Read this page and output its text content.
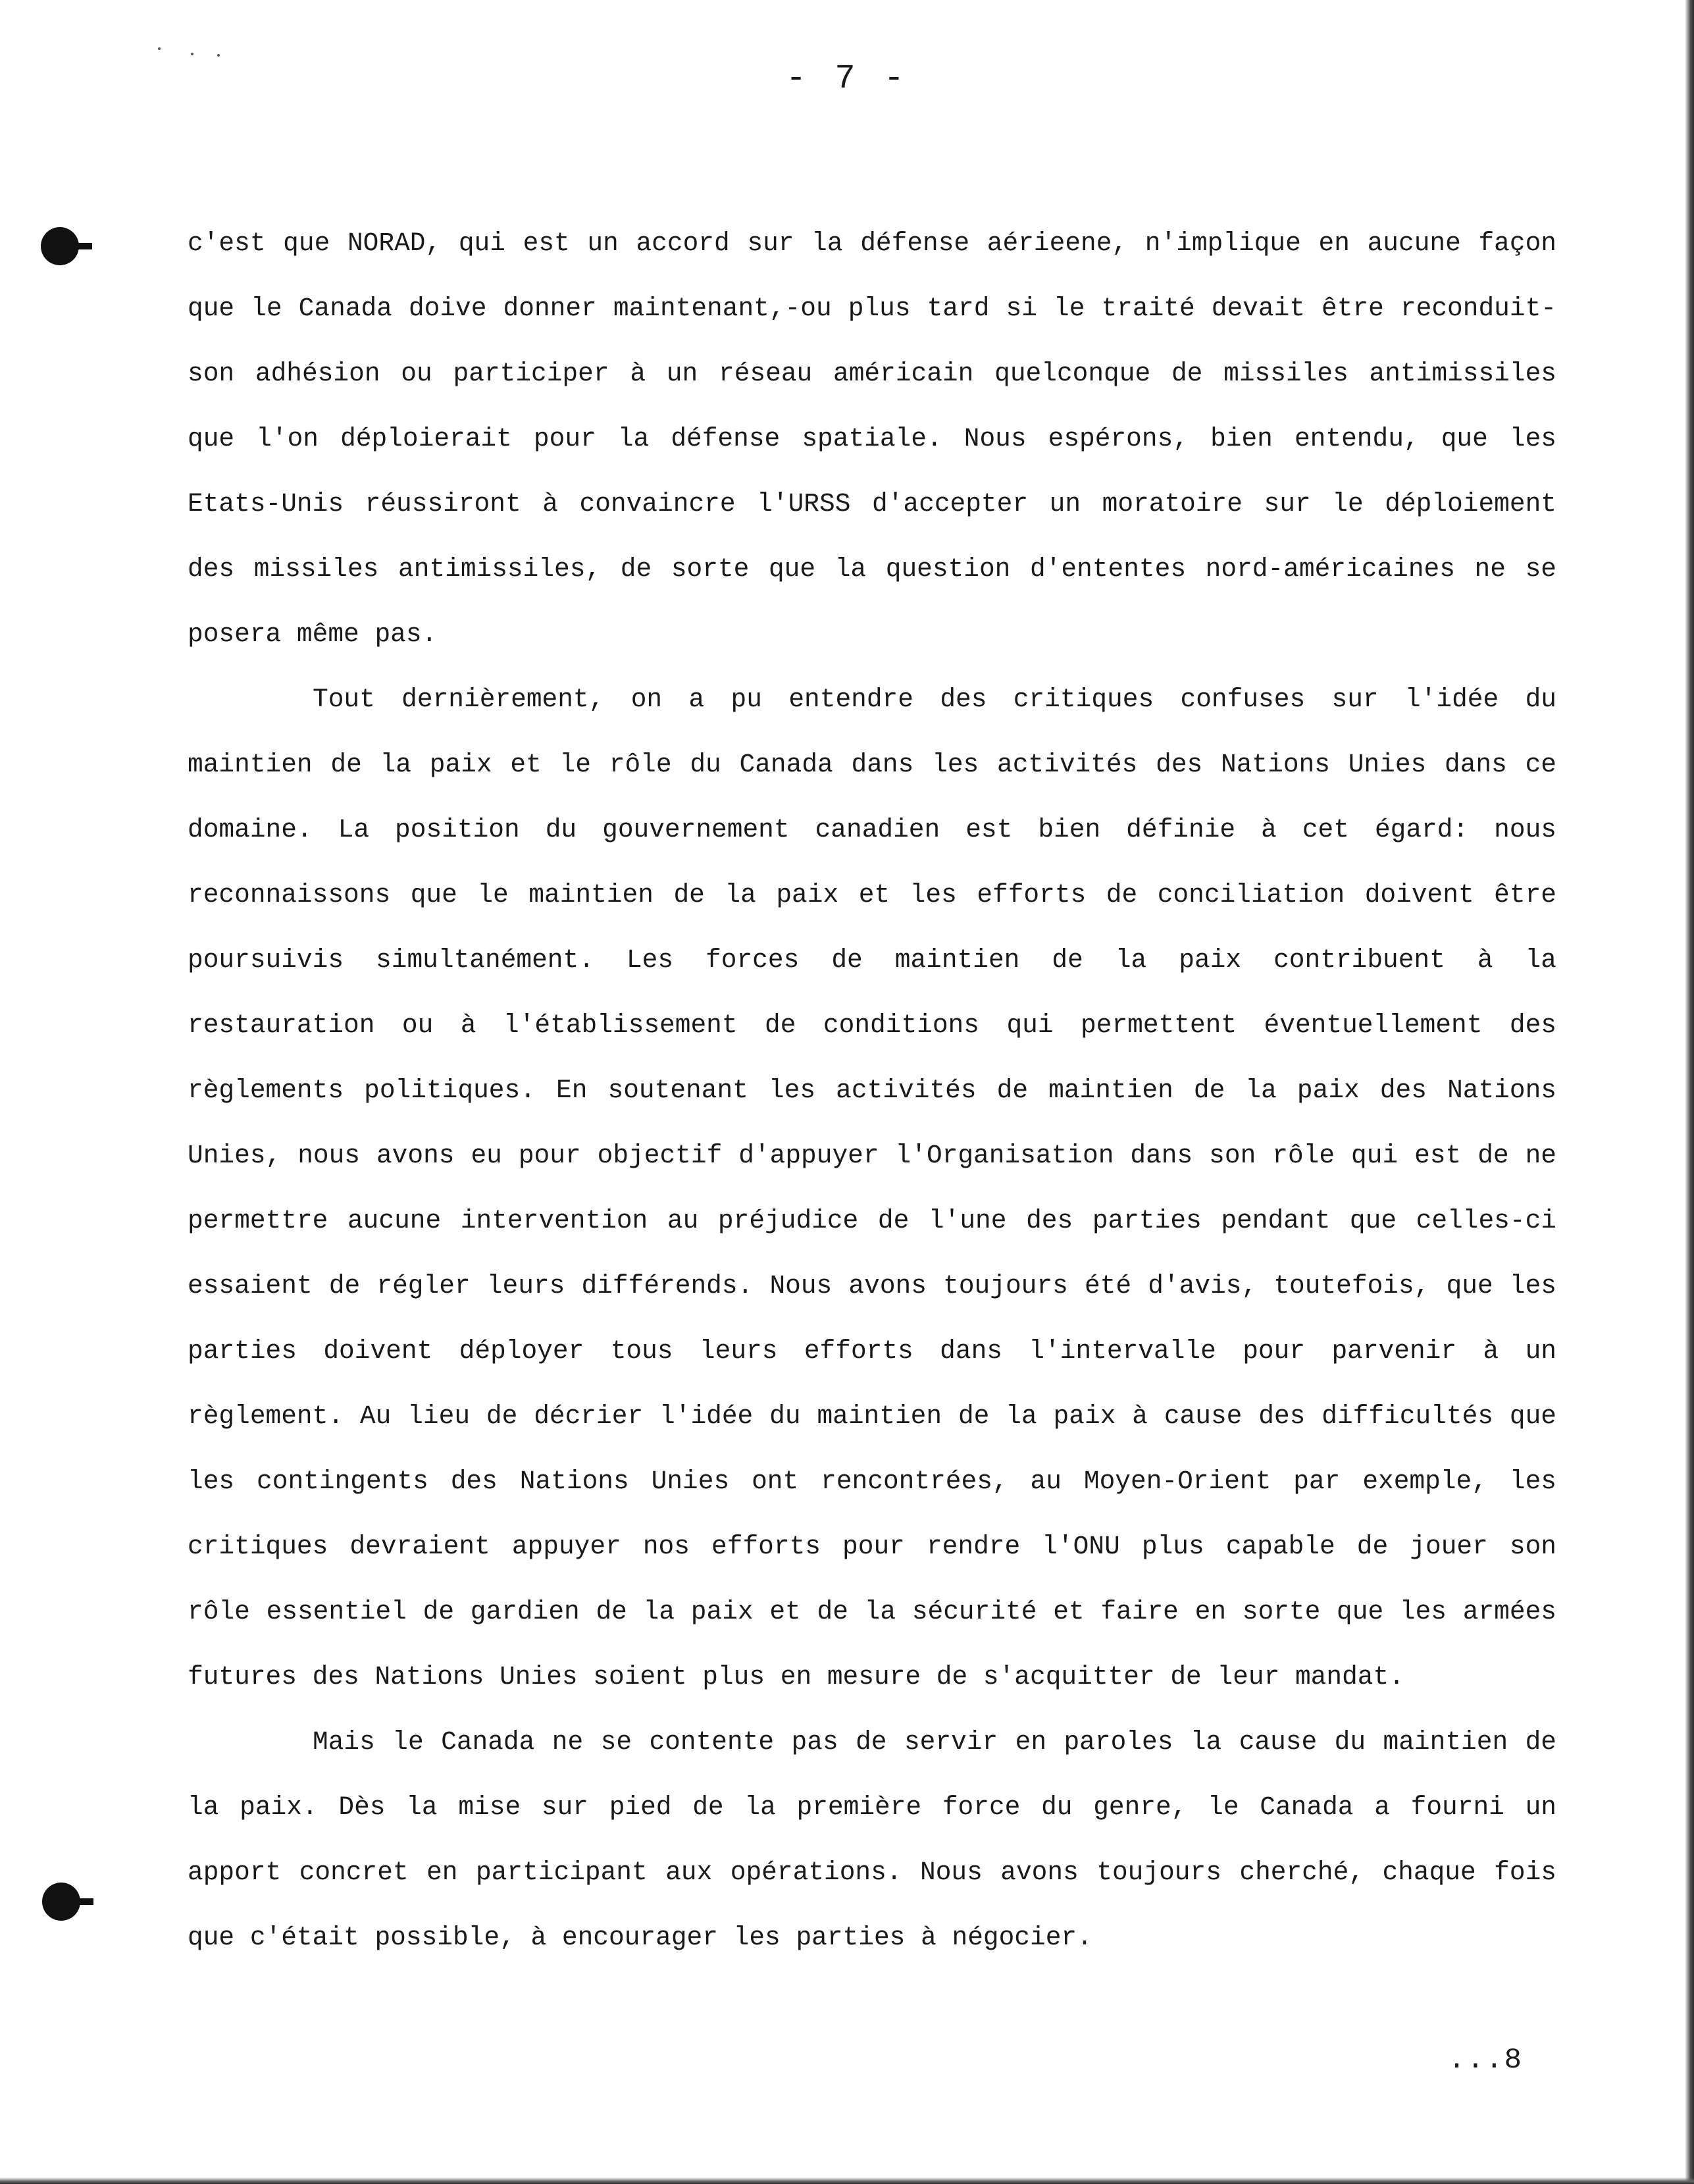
- 7 -

c'est que NORAD, qui est un accord sur la défense aérieene, n'implique en aucune façon que le Canada doive donner maintenant,-ou plus tard si le traité devait être reconduit-son adhésion ou participer à un réseau américain quelconque de missiles antimissiles que l'on déploierait pour la défense spatiale. Nous espérons, bien entendu, que les Etats-Unis réussiront à convaincre l'URSS d'accepter un moratoire sur le déploiement des missiles antimissiles, de sorte que la question d'ententes nord-américaines ne se posera même pas.

Tout dernièrement, on a pu entendre des critiques confuses sur l'idée du maintien de la paix et le rôle du Canada dans les activités des Nations Unies dans ce domaine. La position du gouvernement canadien est bien définie à cet égard: nous reconnaissons que le maintien de la paix et les efforts de conciliation doivent être poursuivis simultanément. Les forces de maintien de la paix contribuent à la restauration ou à l'établissement de conditions qui permettent éventuellement des règlements politiques. En soutenant les activités de maintien de la paix des Nations Unies, nous avons eu pour objectif d'appuyer l'Organisation dans son rôle qui est de ne permettre aucune intervention au préjudice de l'une des parties pendant que celles-ci essaient de régler leurs différends. Nous avons toujours été d'avis, toutefois, que les parties doivent déployer tous leurs efforts dans l'intervalle pour parvenir à un règlement. Au lieu de décrier l'idée du maintien de la paix à cause des difficultés que les contingents des Nations Unies ont rencontrées, au Moyen-Orient par exemple, les critiques devraient appuyer nos efforts pour rendre l'ONU plus capable de jouer son rôle essentiel de gardien de la paix et de la sécurité et faire en sorte que les armées futures des Nations Unies soient plus en mesure de s'acquitter de leur mandat.

Mais le Canada ne se contente pas de servir en paroles la cause du maintien de la paix. Dès la mise sur pied de la première force du genre, le Canada a fourni un apport concret en participant aux opérations. Nous avons toujours cherché, chaque fois que c'était possible, à encourager les parties à négocier.

...8
